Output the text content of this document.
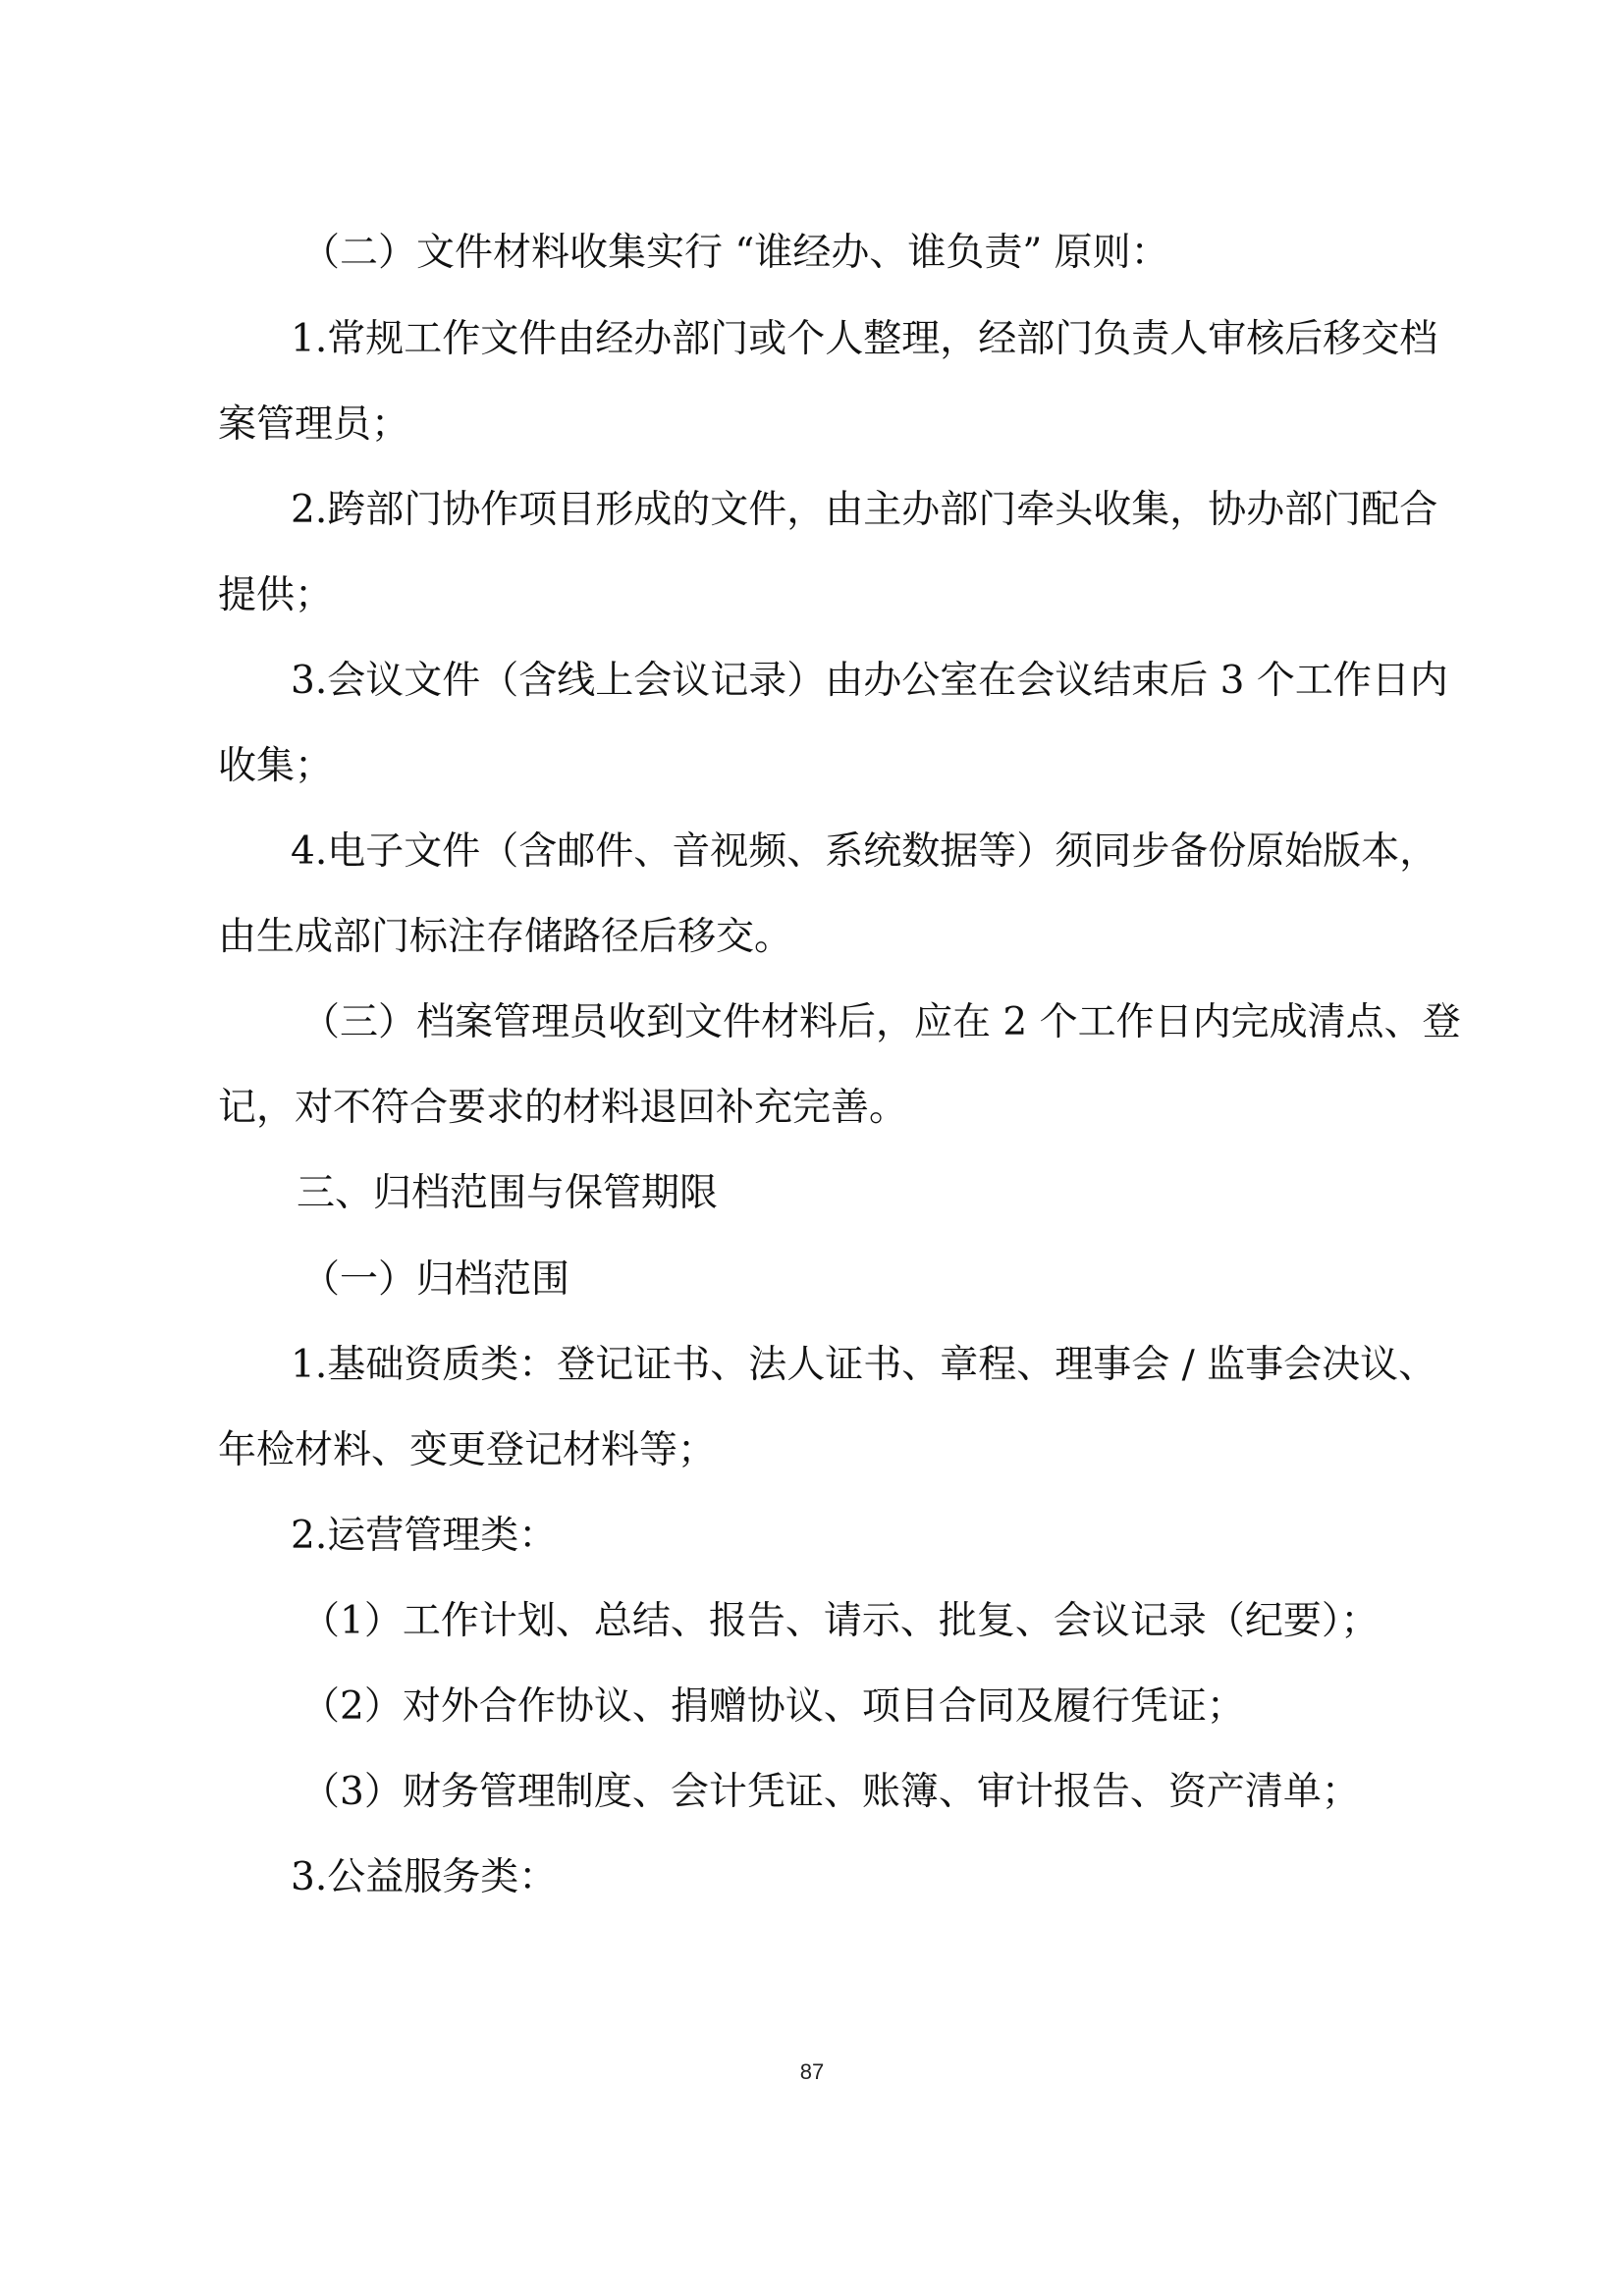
（二）文件材料收集实行 “谁经办、谁负责” 原则：
1.常规工作文件由经办部门或个人整理，经部门负责人审核后移交档
案管理员；
2.跨部门协作项目形成的文件，由主办部门牵头收集，协办部门配合
提供；
3.会议文件（含线上会议记录）由办公室在会议结束后 3 个工作日内
收集；
4.电子文件（含邮件、音视频、系统数据等）须同步备份原始版本，
由生成部门标注存储路径后移交。
（三）档案管理员收到文件材料后，应在 2 个工作日内完成清点、登
记，对不符合要求的材料退回补充完善。
三、归档范围与保管期限
（一）归档范围
1.基础资质类：登记证书、法人证书、章程、理事会 / 监事会决议、
年检材料、变更登记材料等；
2.运营管理类：
（1）工作计划、总结、报告、请示、批复、会议记录（纪要）；
（2）对外合作协议、捐赠协议、项目合同及履行凭证；
（3）财务管理制度、会计凭证、账簿、审计报告、资产清单；
3.公益服务类：
87
